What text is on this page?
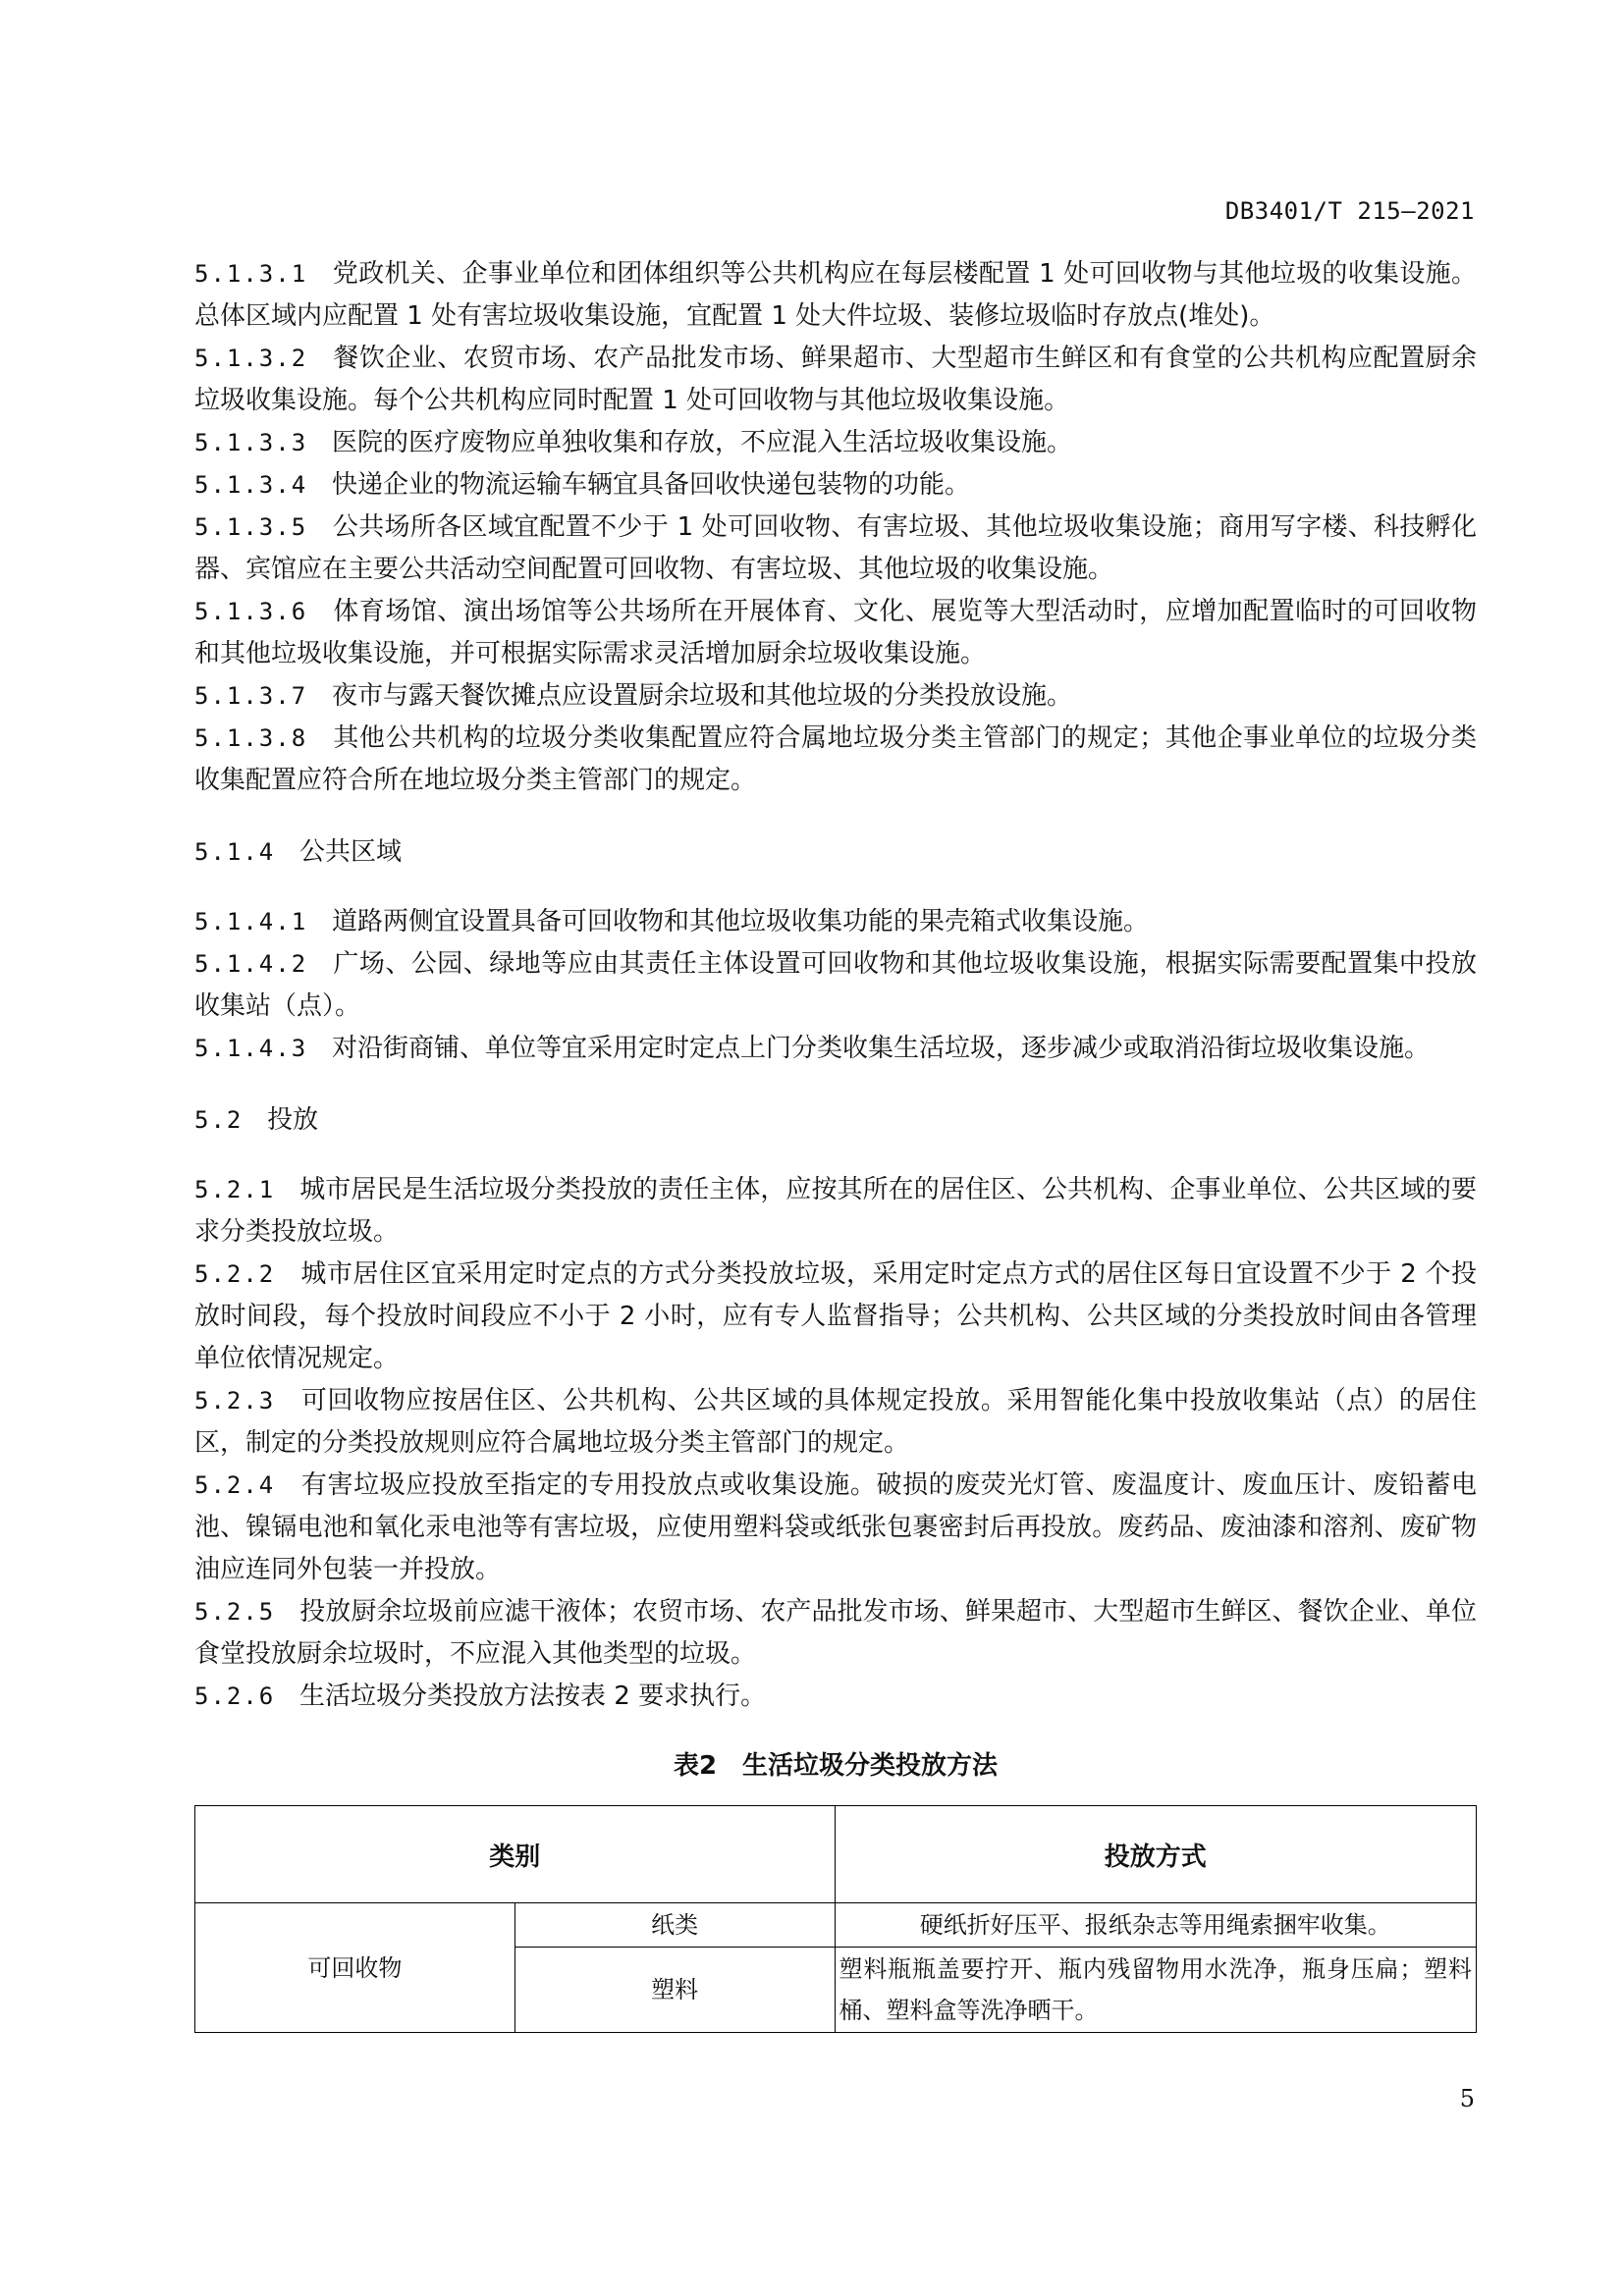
DB3401/T 215—2021

5.1.3.1 党政机关、企事业单位和团体组织等公共机构应在每层楼配置 1 处可回收物与其他垃圾的收集设施。总体区域内应配置 1 处有害垃圾收集设施，宜配置 1 处大件垃圾、装修垃圾临时存放点(堆处)。

5.1.3.2 餐饮企业、农贸市场、农产品批发市场、鲜果超市、大型超市生鲜区和有食堂的公共机构应配置厨余垃圾收集设施。每个公共机构应同时配置 1 处可回收物与其他垃圾收集设施。

5.1.3.3 医院的医疗废物应单独收集和存放，不应混入生活垃圾收集设施。

5.1.3.4 快递企业的物流运输车辆宜具备回收快递包装物的功能。

5.1.3.5 公共场所各区域宜配置不少于 1 处可回收物、有害垃圾、其他垃圾收集设施；商用写字楼、科技孵化器、宾馆应在主要公共活动空间配置可回收物、有害垃圾、其他垃圾的收集设施。

5.1.3.6 体育场馆、演出场馆等公共场所在开展体育、文化、展览等大型活动时，应增加配置临时的可回收物和其他垃圾收集设施，并可根据实际需求灵活增加厨余垃圾收集设施。

5.1.3.7 夜市与露天餐饮摊点应设置厨余垃圾和其他垃圾的分类投放设施。

5.1.3.8 其他公共机构的垃圾分类收集配置应符合属地垃圾分类主管部门的规定；其他企事业单位的垃圾分类收集配置应符合所在地垃圾分类主管部门的规定。

5.1.4 公共区域

5.1.4.1 道路两侧宜设置具备可回收物和其他垃圾收集功能的果壳箱式收集设施。

5.1.4.2 广场、公园、绿地等应由其责任主体设置可回收物和其他垃圾收集设施，根据实际需要配置集中投放收集站（点）。

5.1.4.3 对沿街商铺、单位等宜采用定时定点上门分类收集生活垃圾，逐步减少或取消沿街垃圾收集设施。

5.2 投放

5.2.1 城市居民是生活垃圾分类投放的责任主体，应按其所在的居住区、公共机构、企事业单位、公共区域的要求分类投放垃圾。

5.2.2 城市居住区宜采用定时定点的方式分类投放垃圾，采用定时定点方式的居住区每日宜设置不少于 2 个投放时间段，每个投放时间段应不小于 2 小时，应有专人监督指导；公共机构、公共区域的分类投放时间由各管理单位依情况规定。

5.2.3 可回收物应按居住区、公共机构、公共区域的具体规定投放。采用智能化集中投放收集站（点）的居住区，制定的分类投放规则应符合属地垃圾分类主管部门的规定。

5.2.4 有害垃圾应投放至指定的专用投放点或收集设施。破损的废荧光灯管、废温度计、废血压计、废铅蓄电池、镍镉电池和氧化汞电池等有害垃圾，应使用塑料袋或纸张包裹密封后再投放。废药品、废油漆和溶剂、废矿物油应连同外包装一并投放。

5.2.5 投放厨余垃圾前应滤干液体；农贸市场、农产品批发市场、鲜果超市、大型超市生鲜区、餐饮企业、单位食堂投放厨余垃圾时，不应混入其他类型的垃圾。

5.2.6 生活垃圾分类投放方法按表 2 要求执行。

表2　生活垃圾分类投放方法
类别		投放方式
可回收物	纸类	硬纸折好压平、报纸杂志等用绳索捆牢收集。
	塑料	塑料瓶瓶盖要拧开、瓶内残留物用水洗净，瓶身压扁；塑料桶、塑料盒等洗净晒干。
5
